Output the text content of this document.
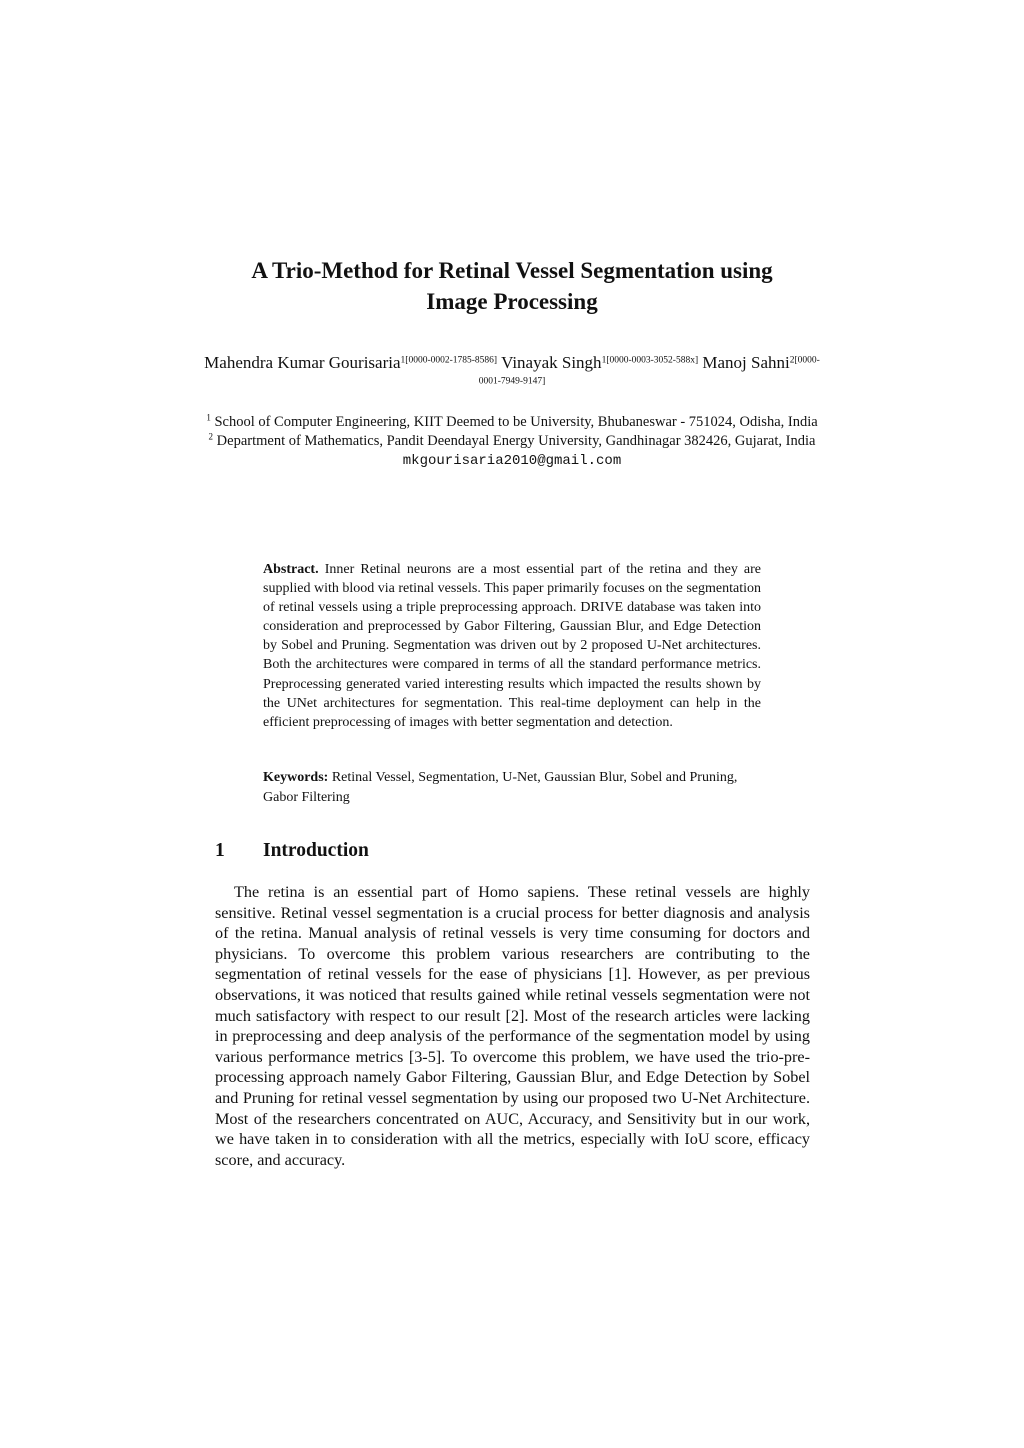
A Trio-Method for Retinal Vessel Segmentation using
Image Processing
Mahendra Kumar Gourisaria$^{1[0000-0002-1785-8586]}$ Vinayak Singh$^{1[0000-0003-3052-588x]}$ Manoj Sahni$^{2[0000-0001-7949-9147]}$
$^1$ School of Computer Engineering, KIIT Deemed to be University, Bhubaneswar - 751024, Odisha, India
$^2$ Department of Mathematics, Pandit Deendayal Energy University, Gandhinagar 382426, Gujarat, India
mkgourisaria2010@gmail.com

Abstract. Inner Retinal neurons are a most essential part of the retina and they are supplied with blood via retinal vessels. This paper primarily focuses on the segmentation of retinal vessels using a triple preprocessing approach. DRIVE database was taken into consideration and preprocessed by Gabor Filtering, Gaussian Blur, and Edge Detection by Sobel and Pruning. Segmentation was driven out by 2 proposed U-Net architectures. Both the architectures were compared in terms of all the standard performance metrics. Preprocessing generated varied interesting results which impacted the results shown by the UNet architectures for segmentation. This real-time deployment can help in the efficient preprocessing of images with better segmentation and detection.

Keywords: Retinal Vessel, Segmentation, U-Net, Gaussian Blur, Sobel and Pruning, Gabor Filtering

1 Introduction

The retina is an essential part of Homo sapiens. These retinal vessels are highly sensitive. Retinal vessel segmentation is a crucial process for better diagnosis and analysis of the retina. Manual analysis of retinal vessels is very time consuming for doctors and physicians. To overcome this problem various researchers are contributing to the segmentation of retinal vessels for the ease of physicians [1]. However, as per previous observations, it was noticed that results gained while retinal vessels segmentation were not much satisfactory with respect to our result [2]. Most of the research articles were lacking in preprocessing and deep analysis of the performance of the segmentation model by using various performance metrics [3-5]. To overcome this problem, we have used the trio-pre-processing approach namely Gabor Filtering, Gaussian Blur, and Edge Detection by Sobel and Pruning for retinal vessel segmentation by using our proposed two U-Net Architecture. Most of the researchers concentrated on AUC, Accuracy, and Sensitivity but in our work, we have taken in to consideration with all the metrics, especially with IoU score, efficacy score, and accuracy.
